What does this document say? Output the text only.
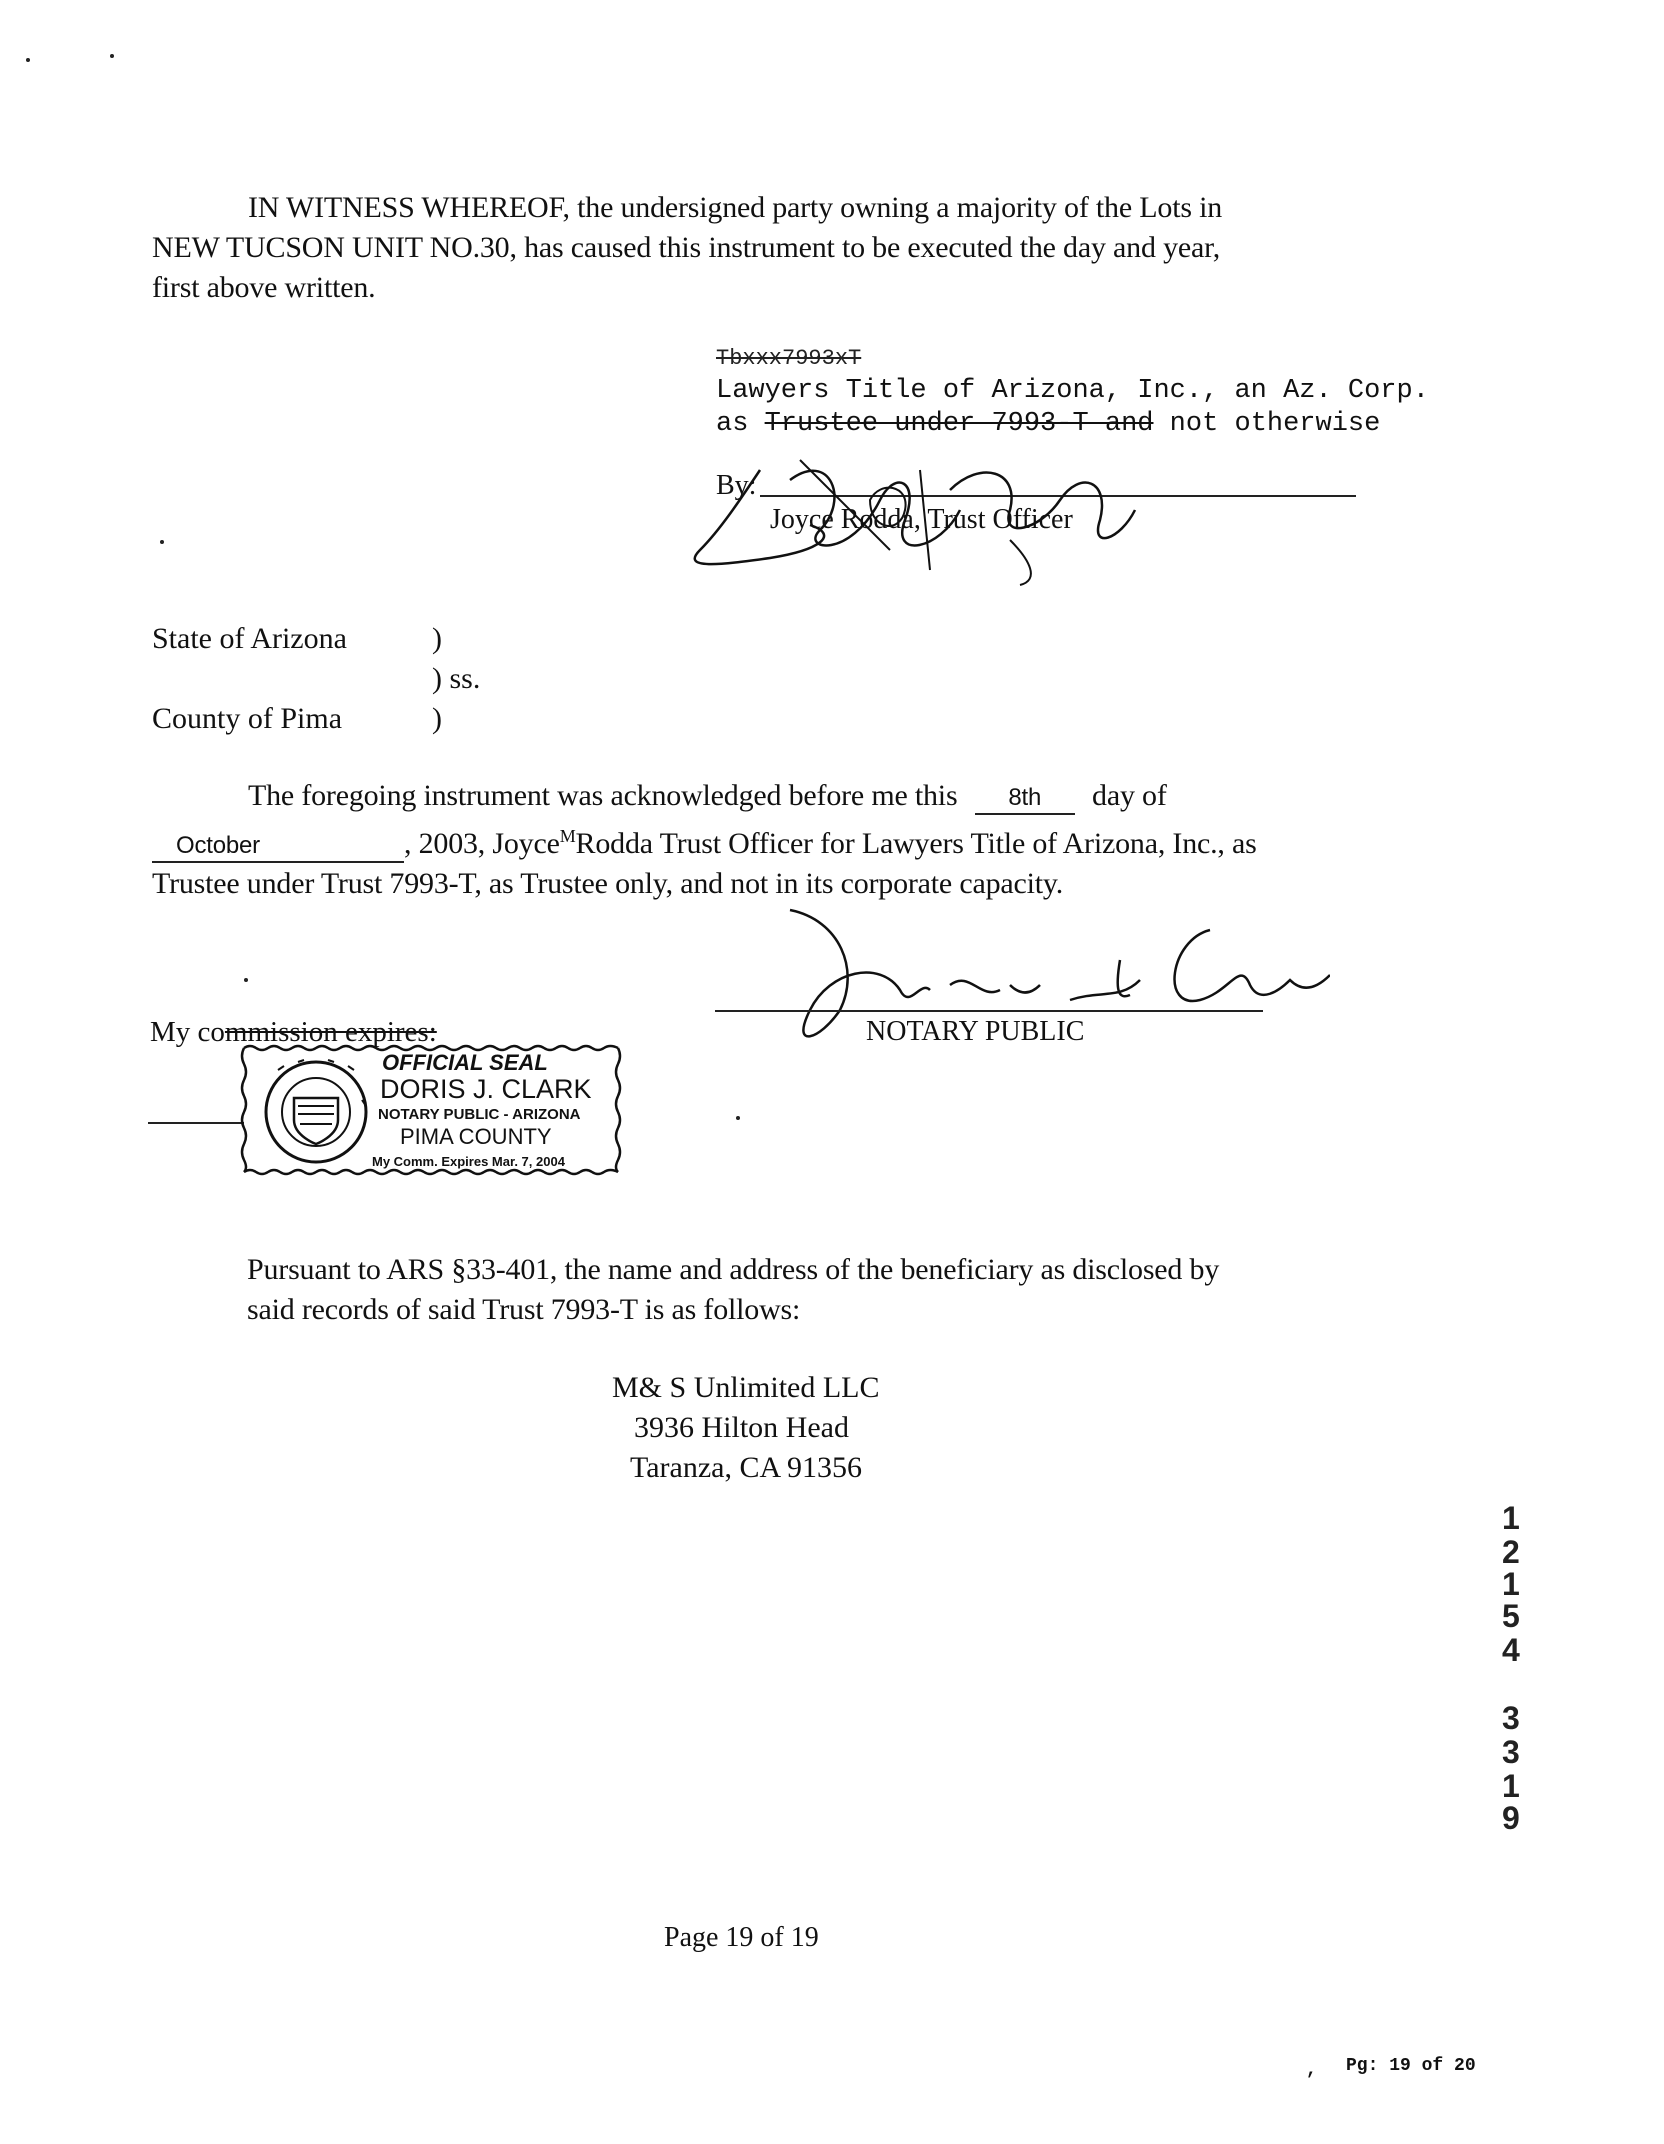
IN WITNESS WHEREOF, the undersigned party owning a majority of the Lots in

NEW TUCSON UNIT NO.30, has caused this instrument to be executed the day and year,

first above written.

Tbxxx7993xT
Lawyers Title of Arizona, Inc., an Az. Corp.
as Trustee under 7993-T and not otherwise
By:
Joyce Rodda, Trust Officer
State of Arizona	)
) ss.
County of Pima	)
The foregoing instrument was acknowledged before me this 8th day of
October	, 2003, Joyce$^M$Rodda Trust Officer for Lawyers Title of Arizona, Inc., as
Trustee under Trust 7993-T, as Trustee only, and not in its corporate capacity.
NOTARY PUBLIC
My commission expires:
OFFICIAL SEAL
DORIS J. CLARK
NOTARY PUBLIC - ARIZONA
PIMA COUNTY
My Comm. Expires Mar. 7, 2004
Pursuant to ARS §33-401, the name and address of the beneficiary as disclosed by
said records of said Trust 7993-T is as follows:
M& S Unlimited LLC
3936 Hilton Head
Taranza, CA 91356
1
2
1
5
4
3
3
1
9
Page 19 of 19
, Pg: 19 of 20
